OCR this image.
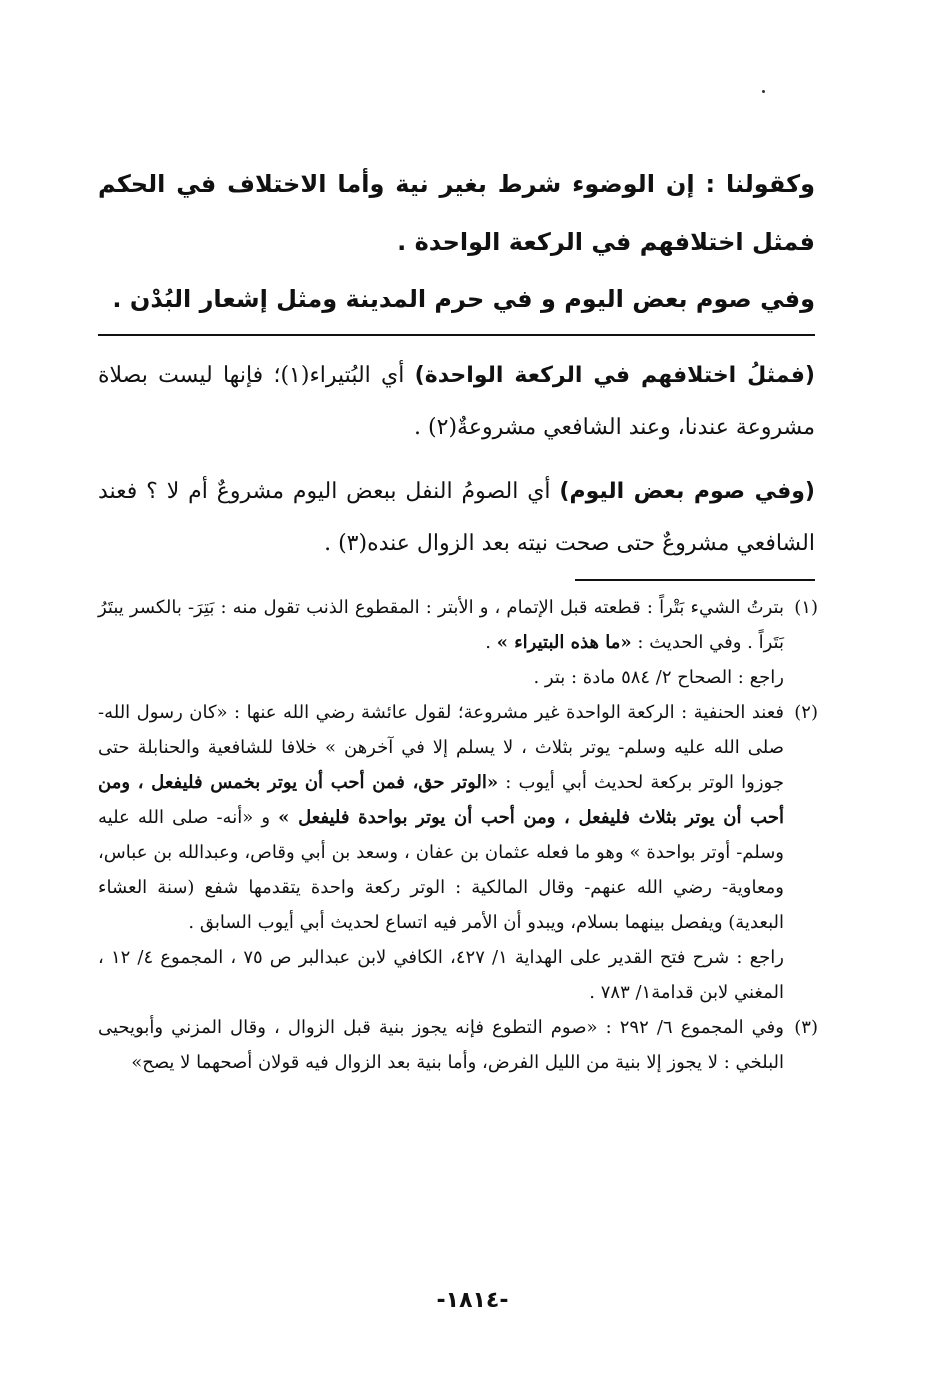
وكقولنا : إن الوضوء شرط بغير نية وأما الاختلاف في الحكم فمثل اختلافهم في الركعة الواحدة .

وفي صوم بعض اليوم و في حرم المدينة ومثل إشعار البُدْن .

(فمثلُ اختلافهم في الركعة الواحدة) أي البُتيراء(١)؛ فإنها ليست بصلاة مشروعة عندنا، وعند الشافعي مشروعةٌ(٢) .

(وفي صوم بعض اليوم) أي الصومُ النفل ببعض اليوم مشروعٌ أم لا ؟ فعند الشافعي مشروعٌ حتى صحت نيته بعد الزوال عنده(٣) .

(١)

بترتُ الشيء بَتْراً : قطعته قبل الإتمام ، و الأبتر : المقطوع الذنب تقول منه : بَتِرَ- بالكسر يبتَرُ بَتَراً . وفي الحديث : «ما هذه البتيراء » .

راجع : الصحاح ٢/ ٥٨٤ مادة : بتر .

(٢)

فعند الحنفية : الركعة الواحدة غير مشروعة؛ لقول عائشة رضي الله عنها : «كان رسول الله- صلى الله عليه وسلم- يوتر بثلاث ، لا يسلم إلا في آخرهن » خلافا للشافعية والحنابلة حتى جوزوا الوتر بركعة لحديث أبي أيوب : «الوتر حق، فمن أحب أن يوتر بخمس فليفعل ، ومن أحب أن يوتر بثلاث فليفعل ، ومن أحب أن يوتر بواحدة فليفعل » و «أنه- صلى الله عليه وسلم- أوتر بواحدة » وهو ما فعله عثمان بن عفان ، وسعد بن أبي وقاص، وعبدالله بن عباس، ومعاوية- رضي الله عنهم- وقال المالكية : الوتر ركعة واحدة يتقدمها شفع (سنة العشاء البعدية) ويفصل بينهما بسلام، ويبدو أن الأمر فيه اتساع لحديث أبي أيوب السابق .

راجع : شرح فتح القدير على الهداية ١/ ٤٢٧، الكافي لابن عبدالبر ص ٧٥ ، المجموع ٤/ ١٢ ، المغني لابن قدامة١/ ٧٨٣ .

(٣)

وفي المجموع ٦/ ٢٩٢ : «صوم التطوع فإنه يجوز بنية قبل الزوال ، وقال المزني وأبويحيى البلخي : لا يجوز إلا بنية من الليل الفرض، وأما بنية بعد الزوال فيه قولان أصحهما لا يصح»

-١٨١٤-
